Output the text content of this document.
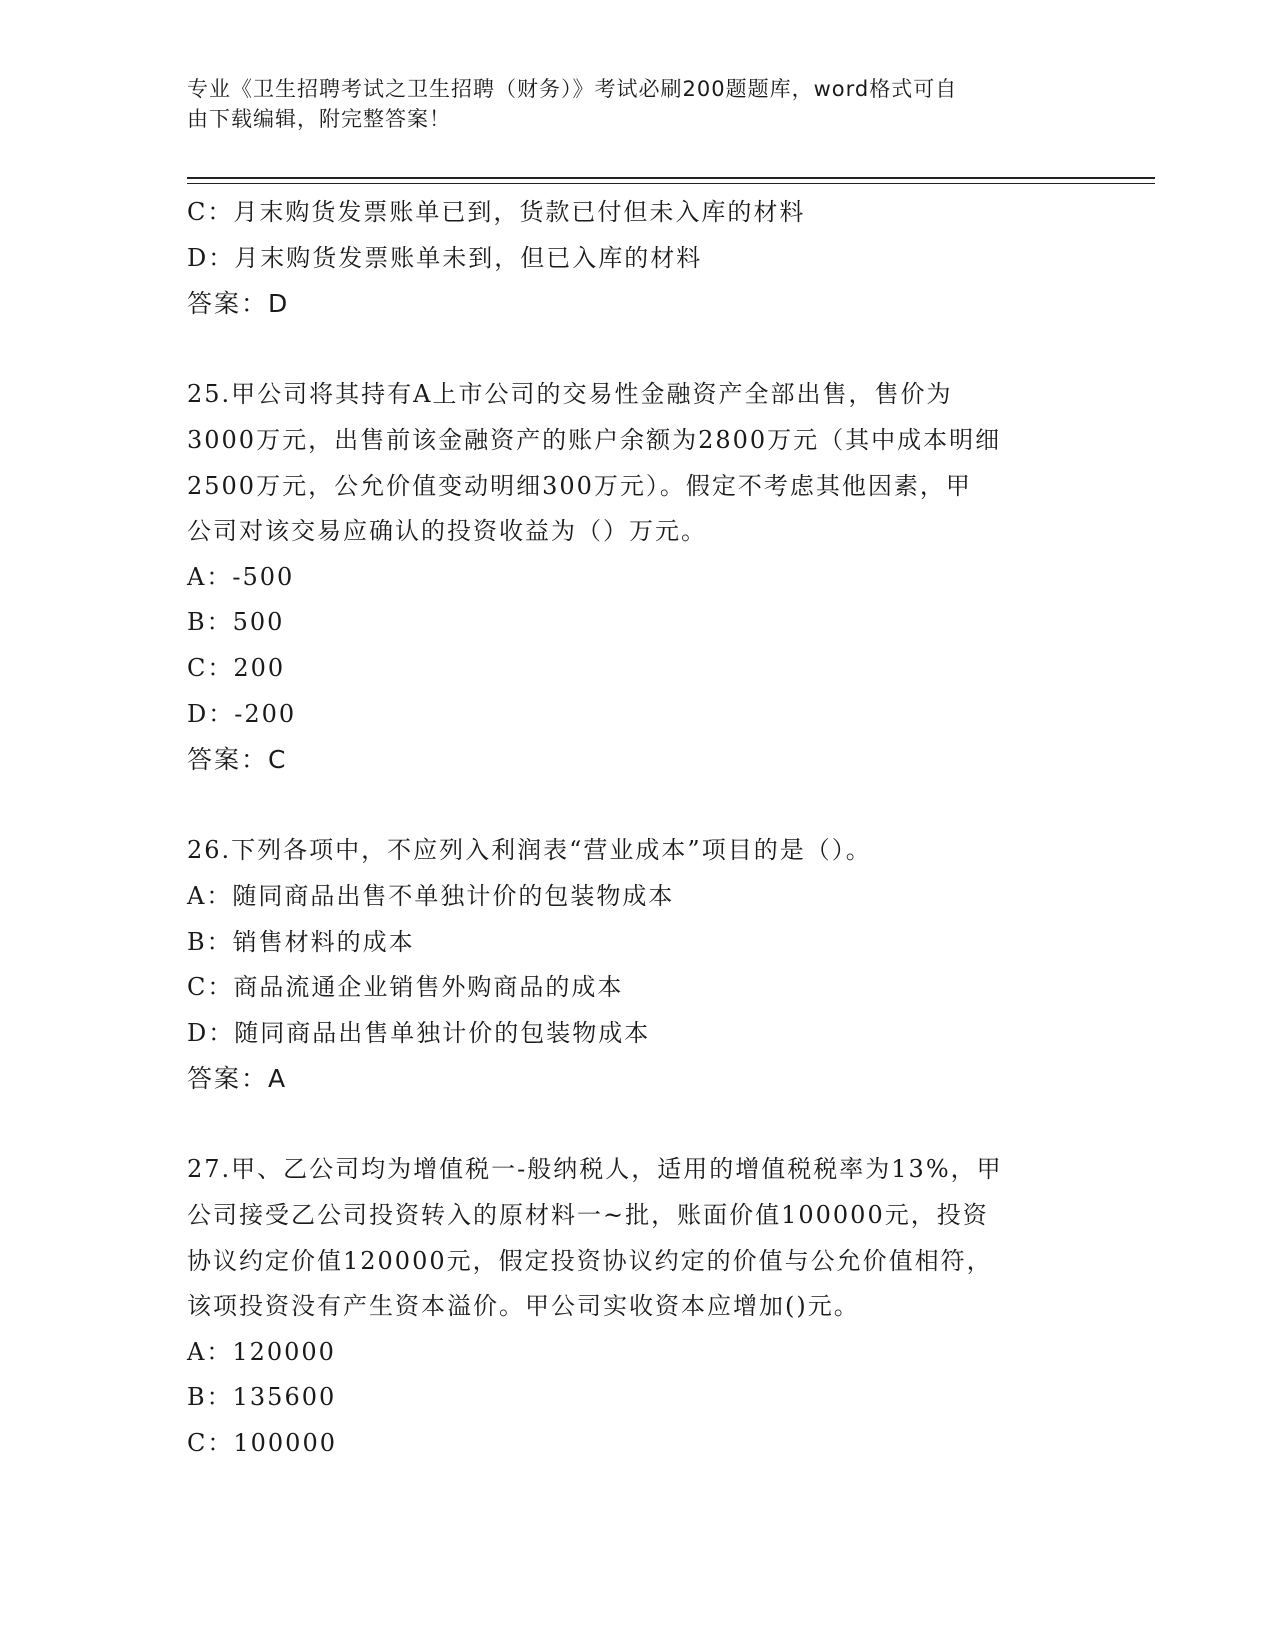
专业《卫生招聘考试之卫生招聘（财务）》考试必刷200题题库，word格式可自
由下载编辑，附完整答案！
C：月末购货发票账单已到，货款已付但未入库的材料
D：月末购货发票账单未到，但已入库的材料
答案：D
25.甲公司将其持有A上市公司的交易性金融资产全部出售，售价为
3000万元，出售前该金融资产的账户余额为2800万元（其中成本明细
2500万元，公允价值变动明细300万元）。假定不考虑其他因素，甲
公司对该交易应确认的投资收益为（）万元。
A：-500
B：500
C：200
D：-200
答案：C
26.下列各项中，不应列入利润表“营业成本”项目的是（）。
A：随同商品出售不单独计价的包装物成本
B：销售材料的成本
C：商品流通企业销售外购商品的成本
D：随同商品出售单独计价的包装物成本
答案：A
27.甲、乙公司均为增值税一-般纳税人，适用的增值税税率为13%，甲
公司接受乙公司投资转入的原材料一~批，账面价值100000元，投资
协议约定价值120000元，假定投资协议约定的价值与公允价值相符，
该项投资没有产生资本溢价。甲公司实收资本应增加()元。
A：120000
B：135600
C：100000
